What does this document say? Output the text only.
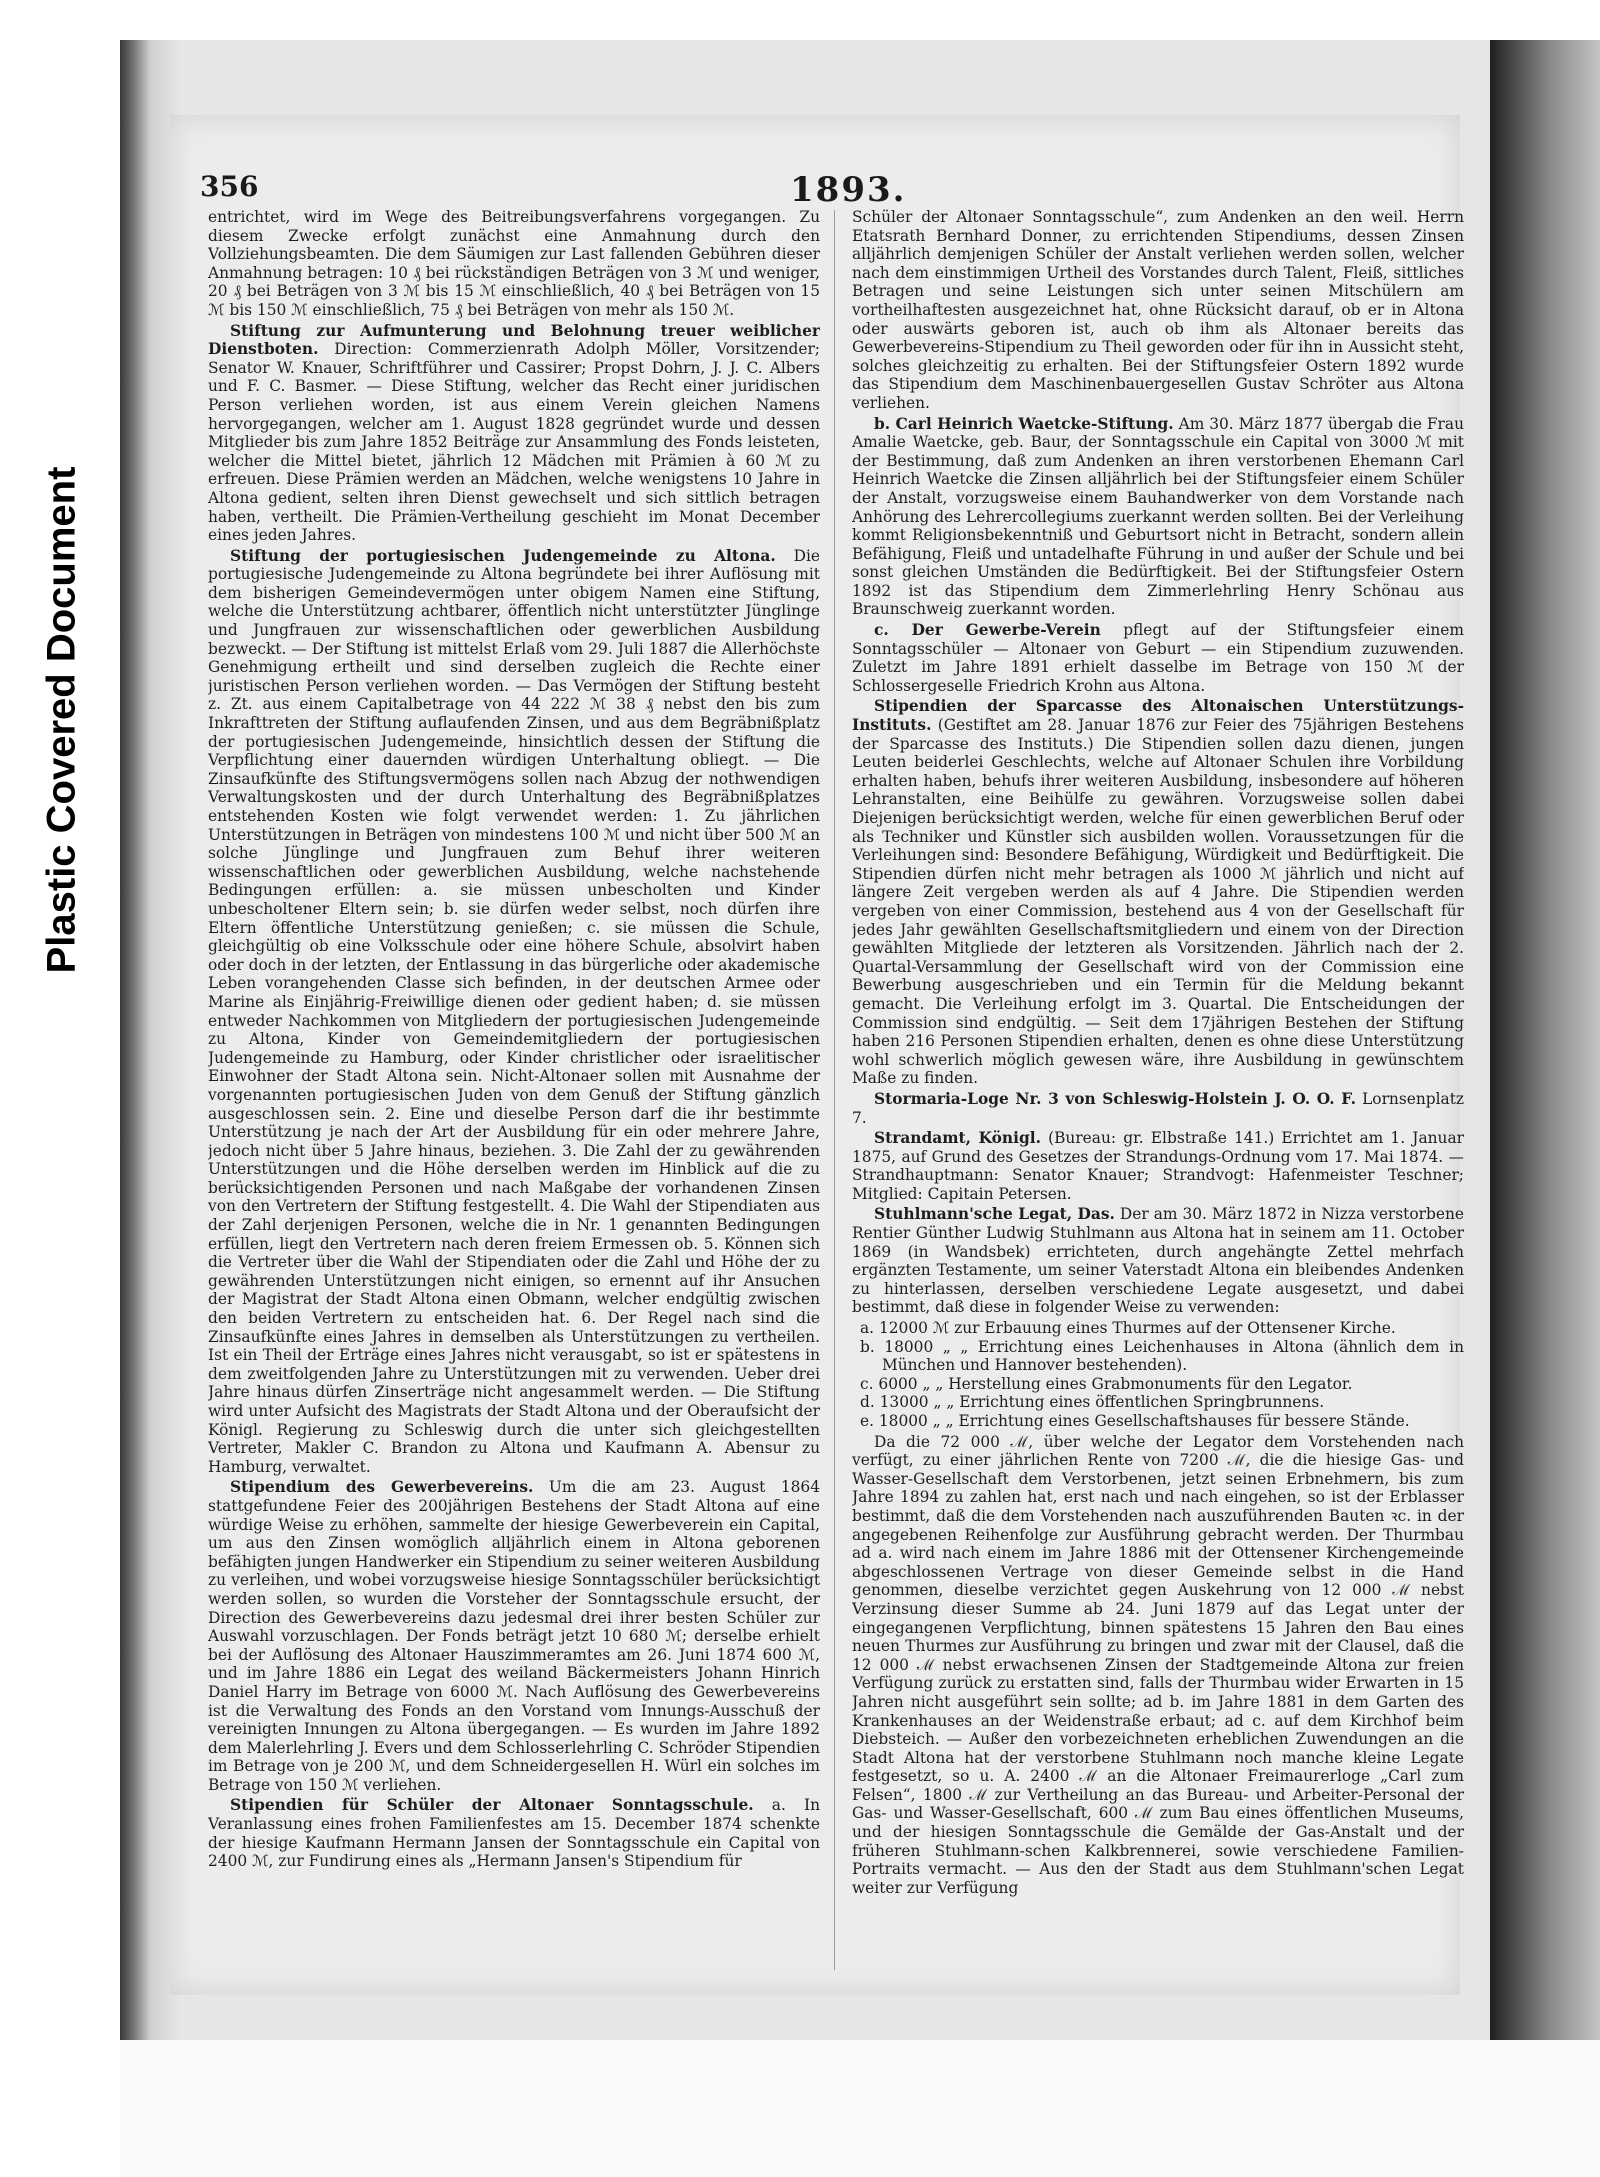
Plastic Covered Document
356	1893.

entrichtet, wird im Wege des Beitreibungsverfahrens vorgegangen. Zu diesem Zwecke erfolgt zunächst eine Anmahnung durch den Vollziehungsbeamten. Die dem Säumigen zur Last fallenden Gebühren dieser Anmahnung betragen: 10 ₰ bei rückständigen Beträgen von 3 ℳ und weniger, 20 ₰ bei Beträgen von 3 ℳ bis 15 ℳ einschließlich, 40 ₰ bei Beträgen von 15 ℳ bis 150 ℳ einschließlich, 75 ₰ bei Beträgen von mehr als 150 ℳ.

Stiftung zur Aufmunterung und Belohnung treuer weiblicher Dienstboten. Direction: Commerzienrath Adolph Möller, Vorsitzender; Senator W. Knauer, Schriftführer und Cassirer; Propst Dohrn, J. J. C. Albers und F. C. Basmer. — Diese Stiftung, welcher das Recht einer juridischen Person verliehen worden, ist aus einem Verein gleichen Namens hervorgegangen, welcher am 1. August 1828 gegründet wurde und dessen Mitglieder bis zum Jahre 1852 Beiträge zur Ansammlung des Fonds leisteten, welcher die Mittel bietet, jährlich 12 Mädchen mit Prämien à 60 ℳ zu erfreuen. Diese Prämien werden an Mädchen, welche wenigstens 10 Jahre in Altona gedient, selten ihren Dienst gewechselt und sich sittlich betragen haben, vertheilt. Die Prämien-Vertheilung geschieht im Monat December eines jeden Jahres.

Stiftung der portugiesischen Judengemeinde zu Altona. Die portugiesische Judengemeinde zu Altona begründete bei ihrer Auflösung mit dem bisherigen Gemeindevermögen unter obigem Namen eine Stiftung, welche die Unterstützung achtbarer, öffentlich nicht unterstützter Jünglinge und Jungfrauen zur wissenschaftlichen oder gewerblichen Ausbildung bezweckt. — Der Stiftung ist mittelst Erlaß vom 29. Juli 1887 die Allerhöchste Genehmigung ertheilt und sind derselben zugleich die Rechte einer juristischen Person verliehen worden. — Das Vermögen der Stiftung besteht z. Zt. aus einem Capitalbetrage von 44 222 ℳ 38 ₰ nebst den bis zum Inkrafttreten der Stiftung auflaufenden Zinsen, und aus dem Begräbnißplatz der portugiesischen Judengemeinde, hinsichtlich dessen der Stiftung die Verpflichtung einer dauernden würdigen Unterhaltung obliegt. — Die Zinsaufkünfte des Stiftungsvermögens sollen nach Abzug der nothwendigen Verwaltungskosten und der durch Unterhaltung des Begräbnißplatzes entstehenden Kosten wie folgt verwendet werden: 1. Zu jährlichen Unterstützungen in Beträgen von mindestens 100 ℳ und nicht über 500 ℳ an solche Jünglinge und Jungfrauen zum Behuf ihrer weiteren wissenschaftlichen oder gewerblichen Ausbildung, welche nachstehende Bedingungen erfüllen: a. sie müssen unbescholten und Kinder unbescholtener Eltern sein; b. sie dürfen weder selbst, noch dürfen ihre Eltern öffentliche Unterstützung genießen; c. sie müssen die Schule, gleichgültig ob eine Volksschule oder eine höhere Schule, absolvirt haben oder doch in der letzten, der Entlassung in das bürgerliche oder akademische Leben vorangehenden Classe sich befinden, in der deutschen Armee oder Marine als Einjährig-Freiwillige dienen oder gedient haben; d. sie müssen entweder Nachkommen von Mitgliedern der portugiesischen Judengemeinde zu Altona, Kinder von Gemeindemitgliedern der portugiesischen Judengemeinde zu Hamburg, oder Kinder christlicher oder israelitischer Einwohner der Stadt Altona sein. Nicht-Altonaer sollen mit Ausnahme der vorgenannten portugiesischen Juden von dem Genuß der Stiftung gänzlich ausgeschlossen sein. 2. Eine und dieselbe Person darf die ihr bestimmte Unterstützung je nach der Art der Ausbildung für ein oder mehrere Jahre, jedoch nicht über 5 Jahre hinaus, beziehen. 3. Die Zahl der zu gewährenden Unterstützungen und die Höhe derselben werden im Hinblick auf die zu berücksichtigenden Personen und nach Maßgabe der vorhandenen Zinsen von den Vertretern der Stiftung festgestellt. 4. Die Wahl der Stipendiaten aus der Zahl derjenigen Personen, welche die in Nr. 1 genannten Bedingungen erfüllen, liegt den Vertretern nach deren freiem Ermessen ob. 5. Können sich die Vertreter über die Wahl der Stipendiaten oder die Zahl und Höhe der zu gewährenden Unterstützungen nicht einigen, so ernennt auf ihr Ansuchen der Magistrat der Stadt Altona einen Obmann, welcher endgültig zwischen den beiden Vertretern zu entscheiden hat. 6. Der Regel nach sind die Zinsaufkünfte eines Jahres in demselben als Unterstützungen zu vertheilen. Ist ein Theil der Erträge eines Jahres nicht verausgabt, so ist er spätestens in dem zweitfolgenden Jahre zu Unterstützungen mit zu verwenden. Ueber drei Jahre hinaus dürfen Zinserträge nicht angesammelt werden. — Die Stiftung wird unter Aufsicht des Magistrats der Stadt Altona und der Oberaufsicht der Königl. Regierung zu Schleswig durch die unter sich gleichgestellten Vertreter, Makler C. Brandon zu Altona und Kaufmann A. Abensur zu Hamburg, verwaltet.

Stipendium des Gewerbevereins. Um die am 23. August 1864 stattgefundene Feier des 200jährigen Bestehens der Stadt Altona auf eine würdige Weise zu erhöhen, sammelte der hiesige Gewerbeverein ein Capital, um aus den Zinsen womöglich alljährlich einem in Altona geborenen befähigten jungen Handwerker ein Stipendium zu seiner weiteren Ausbildung zu verleihen, und wobei vorzugsweise hiesige Sonntagsschüler berücksichtigt werden sollen, so wurden die Vorsteher der Sonntagsschule ersucht, der Direction des Gewerbevereins dazu jedesmal drei ihrer besten Schüler zur Auswahl vorzuschlagen. Der Fonds beträgt jetzt 10 680 ℳ; derselbe erhielt bei der Auflösung des Altonaer Hauszimmeramtes am 26. Juni 1874 600 ℳ, und im Jahre 1886 ein Legat des weiland Bäckermeisters Johann Hinrich Daniel Harry im Betrage von 6000 ℳ. Nach Auflösung des Gewerbevereins ist die Verwaltung des Fonds an den Vorstand vom Innungs-Ausschuß der vereinigten Innungen zu Altona übergegangen. — Es wurden im Jahre 1892 dem Malerlehrling J. Evers und dem Schlosserlehrling C. Schröder Stipendien im Betrage von je 200 ℳ, und dem Schneidergesellen H. Würl ein solches im Betrage von 150 ℳ verliehen.

Stipendien für Schüler der Altonaer Sonntagsschule. a. In Veranlassung eines frohen Familienfestes am 15. December 1874 schenkte der hiesige Kaufmann Hermann Jansen der Sonntagsschule ein Capital von 2400 ℳ, zur Fundirung eines als „Hermann Jansen's Stipendium für

Schüler der Altonaer Sonntagsschule“, zum Andenken an den weil. Herrn Etatsrath Bernhard Donner, zu errichtenden Stipendiums, dessen Zinsen alljährlich demjenigen Schüler der Anstalt verliehen werden sollen, welcher nach dem einstimmigen Urtheil des Vorstandes durch Talent, Fleiß, sittliches Betragen und seine Leistungen sich unter seinen Mitschülern am vortheilhaftesten ausgezeichnet hat, ohne Rücksicht darauf, ob er in Altona oder auswärts geboren ist, auch ob ihm als Altonaer bereits das Gewerbevereins-Stipendium zu Theil geworden oder für ihn in Aussicht steht, solches gleichzeitig zu erhalten. Bei der Stiftungsfeier Ostern 1892 wurde das Stipendium dem Maschinenbauergesellen Gustav Schröter aus Altona verliehen.

b. Carl Heinrich Waetcke-Stiftung. Am 30. März 1877 übergab die Frau Amalie Waetcke, geb. Baur, der Sonntagsschule ein Capital von 3000 ℳ mit der Bestimmung, daß zum Andenken an ihren verstorbenen Ehemann Carl Heinrich Waetcke die Zinsen alljährlich bei der Stiftungsfeier einem Schüler der Anstalt, vorzugsweise einem Bauhandwerker von dem Vorstande nach Anhörung des Lehrercollegiums zuerkannt werden sollten. Bei der Verleihung kommt Religionsbekenntniß und Geburtsort nicht in Betracht, sondern allein Befähigung, Fleiß und untadelhafte Führung in und außer der Schule und bei sonst gleichen Umständen die Bedürftigkeit. Bei der Stiftungsfeier Ostern 1892 ist das Stipendium dem Zimmerlehrling Henry Schönau aus Braunschweig zuerkannt worden.

c. Der Gewerbe-Verein pflegt auf der Stiftungsfeier einem Sonntagsschüler — Altonaer von Geburt — ein Stipendium zuzuwenden. Zuletzt im Jahre 1891 erhielt dasselbe im Betrage von 150 ℳ der Schlossergeselle Friedrich Krohn aus Altona.

Stipendien der Sparcasse des Altonaischen Unterstützungs-Instituts. (Gestiftet am 28. Januar 1876 zur Feier des 75jährigen Bestehens der Sparcasse des Instituts.) Die Stipendien sollen dazu dienen, jungen Leuten beiderlei Geschlechts, welche auf Altonaer Schulen ihre Vorbildung erhalten haben, behufs ihrer weiteren Ausbildung, insbesondere auf höheren Lehranstalten, eine Beihülfe zu gewähren. Vorzugsweise sollen dabei Diejenigen berücksichtigt werden, welche für einen gewerblichen Beruf oder als Techniker und Künstler sich ausbilden wollen. Voraussetzungen für die Verleihungen sind: Besondere Befähigung, Würdigkeit und Bedürftigkeit. Die Stipendien dürfen nicht mehr betragen als 1000 ℳ jährlich und nicht auf längere Zeit vergeben werden als auf 4 Jahre. Die Stipendien werden vergeben von einer Commission, bestehend aus 4 von der Gesellschaft für jedes Jahr gewählten Gesellschaftsmitgliedern und einem von der Direction gewählten Mitgliede der letzteren als Vorsitzenden. Jährlich nach der 2. Quartal-Versammlung der Gesellschaft wird von der Commission eine Bewerbung ausgeschrieben und ein Termin für die Meldung bekannt gemacht. Die Verleihung erfolgt im 3. Quartal. Die Entscheidungen der Commission sind endgültig. — Seit dem 17jährigen Bestehen der Stiftung haben 216 Personen Stipendien erhalten, denen es ohne diese Unterstützung wohl schwerlich möglich gewesen wäre, ihre Ausbildung in gewünschtem Maße zu finden.

Stormaria-Loge Nr. 3 von Schleswig-Holstein J. O. O. F. Lornsenplatz 7.

Strandamt, Königl. (Bureau: gr. Elbstraße 141.) Errichtet am 1. Januar 1875, auf Grund des Gesetzes der Strandungs-Ordnung vom 17. Mai 1874. — Strandhauptmann: Senator Knauer; Strandvogt: Hafenmeister Teschner; Mitglied: Capitain Petersen.

Stuhlmann'sche Legat, Das. Der am 30. März 1872 in Nizza verstorbene Rentier Günther Ludwig Stuhlmann aus Altona hat in seinem am 11. October 1869 (in Wandsbek) errichteten, durch angehängte Zettel mehrfach ergänzten Testamente, um seiner Vaterstadt Altona ein bleibendes Andenken zu hinterlassen, derselben verschiedene Legate ausgesetzt, und dabei bestimmt, daß diese in folgender Weise zu verwenden:

a. 12000 ℳ zur Erbauung eines Thurmes auf der Ottensener Kirche.
b. 18000 „ „ Errichtung eines Leichenhauses in Altona (ähnlich dem in München und Hannover bestehenden).
c. 6000 „ „ Herstellung eines Grabmonuments für den Legator.
d. 13000 „ „ Errichtung eines öffentlichen Springbrunnens.
e. 18000 „ „ Errichtung eines Gesellschaftshauses für bessere Stände.

Da die 72 000 ℳ, über welche der Legator dem Vorstehenden nach verfügt, zu einer jährlichen Rente von 7200 ℳ, die die hiesige Gas- und Wasser-Gesellschaft dem Verstorbenen, jetzt seinen Erbnehmern, bis zum Jahre 1894 zu zahlen hat, erst nach und nach eingehen, so ist der Erblasser bestimmt, daß die dem Vorstehenden nach auszuführenden Bauten ꝛc. in der angegebenen Reihenfolge zur Ausführung gebracht werden. Der Thurmbau ad a. wird nach einem im Jahre 1886 mit der Ottensener Kirchengemeinde abgeschlossenen Vertrage von dieser Gemeinde selbst in die Hand genommen, dieselbe verzichtet gegen Auskehrung von 12 000 ℳ nebst Verzinsung dieser Summe ab 24. Juni 1879 auf das Legat unter der eingegangenen Verpflichtung, binnen spätestens 15 Jahren den Bau eines neuen Thurmes zur Ausführung zu bringen und zwar mit der Clausel, daß die 12 000 ℳ nebst erwachsenen Zinsen der Stadtgemeinde Altona zur freien Verfügung zurück zu erstatten sind, falls der Thurmbau wider Erwarten in 15 Jahren nicht ausgeführt sein sollte; ad b. im Jahre 1881 in dem Garten des Krankenhauses an der Weidenstraße erbaut; ad c. auf dem Kirchhof beim Diebsteich. — Außer den vorbezeichneten erheblichen Zuwendungen an die Stadt Altona hat der verstorbene Stuhlmann noch manche kleine Legate festgesetzt, so u. A. 2400 ℳ an die Altonaer Freimaurerloge „Carl zum Felsen“, 1800 ℳ zur Vertheilung an das Bureau- und Arbeiter-Personal der Gas- und Wasser-Gesellschaft, 600 ℳ zum Bau eines öffentlichen Museums, und der hiesigen Sonntagsschule die Gemälde der Gas-Anstalt und der früheren Stuhlmann-schen Kalkbrennerei, sowie verschiedene Familien-Portraits vermacht. — Aus den der Stadt aus dem Stuhlmann'schen Legat weiter zur Verfügung
